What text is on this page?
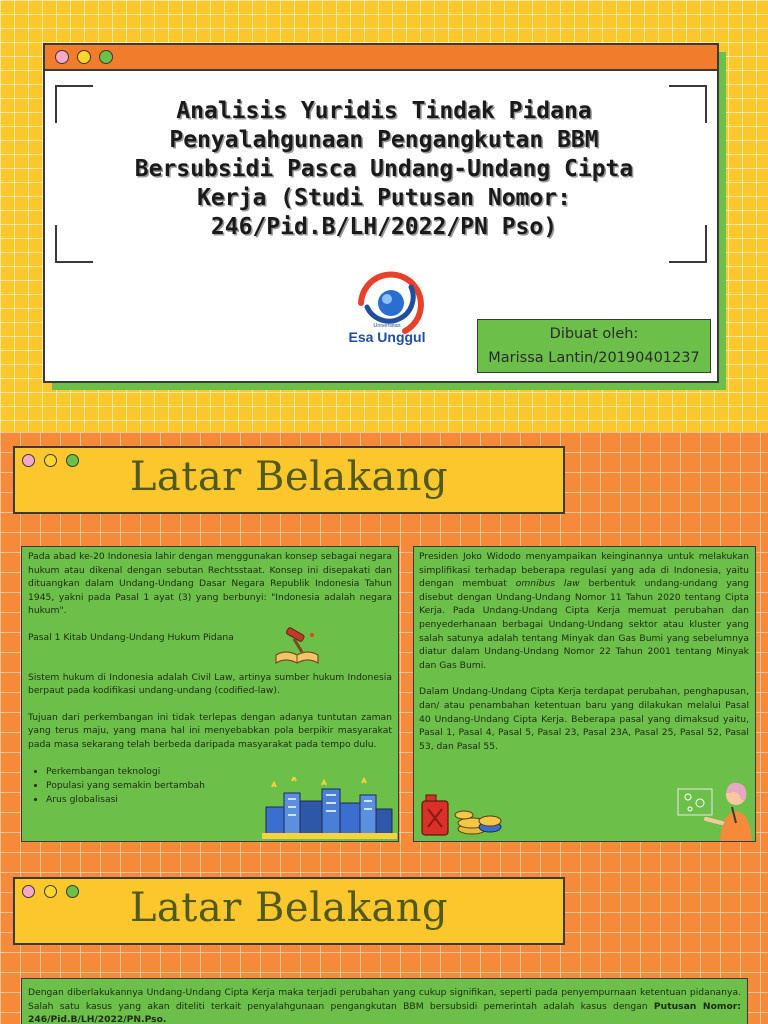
Analisis Yuridis Tindak Pidana Penyalahgunaan Pengangkutan BBM Bersubsidi Pasca Undang-Undang Cipta Kerja (Studi Putusan Nomor: 246/Pid.B/LH/2022/PN Pso)
Universitas
Esa Unggul	Dibuat oleh:
Marissa Lantin/20190401237
Latar Belakang

Pada abad ke-20 Indonesia lahir dengan menggunakan konsep sebagai negara hukum atau dikenal dengan sebutan Rechtsstaat. Konsep ini disepakati dan dituangkan dalam Undang-Undang Dasar Negara Republik Indonesia Tahun 1945, yakni pada Pasal 1 ayat (3) yang berbunyi: "Indonesia adalah negara hukum".

Pasal 1 Kitab Undang-Undang Hukum Pidana

Sistem hukum di Indonesia adalah Civil Law, artinya sumber hukum Indonesia berpaut pada kodifikasi undang-undang (codified-law).

Tujuan dari perkembangan ini tidak terlepas dengan adanya tuntutan zaman yang terus maju, yang mana hal ini menyebabkan pola berpikir masyarakat pada masa sekarang telah berbeda daripada masyarakat pada tempo dulu.

• Perkembangan teknologi
• Populasi yang semakin bertambah
• Arus globalisasi

Presiden Joko Widodo menyampaikan keinginannya untuk melakukan simplifikasi terhadap beberapa regulasi yang ada di Indonesia, yaitu dengan membuat omnibus law berbentuk undang-undang yang disebut dengan Undang-Undang Nomor 11 Tahun 2020 tentang Cipta Kerja. Pada Undang-Undang Cipta Kerja memuat perubahan dan penyederhanaan berbagai Undang-Undang sektor atau kluster yang salah satunya adalah tentang Minyak dan Gas Bumi yang sebelumnya diatur dalam Undang-Undang Nomor 22 Tahun 2001 tentang Minyak dan Gas Bumi.

Dalam Undang-Undang Cipta Kerja terdapat perubahan, penghapusan, dan/ atau penambahan ketentuan baru yang dilakukan melalui Pasal 40 Undang-Undang Cipta Kerja. Beberapa pasal yang dimaksud yaitu, Pasal 1, Pasal 4, Pasal 5, Pasal 23, Pasal 23A, Pasal 25, Pasal 52, Pasal 53, dan Pasal 55.

Latar Belakang
Dengan diberlakukannya Undang-Undang Cipta Kerja maka terjadi perubahan yang cukup signifikan, seperti pada penyempurnaan ketentuan pidananya. Salah satu kasus yang akan diteliti terkait penyalahgunaan pengangkutan BBM bersubsidi pemerintah adalah kasus dengan Putusan Nomor: 246/Pid.B/LH/2022/PN.Pso.
